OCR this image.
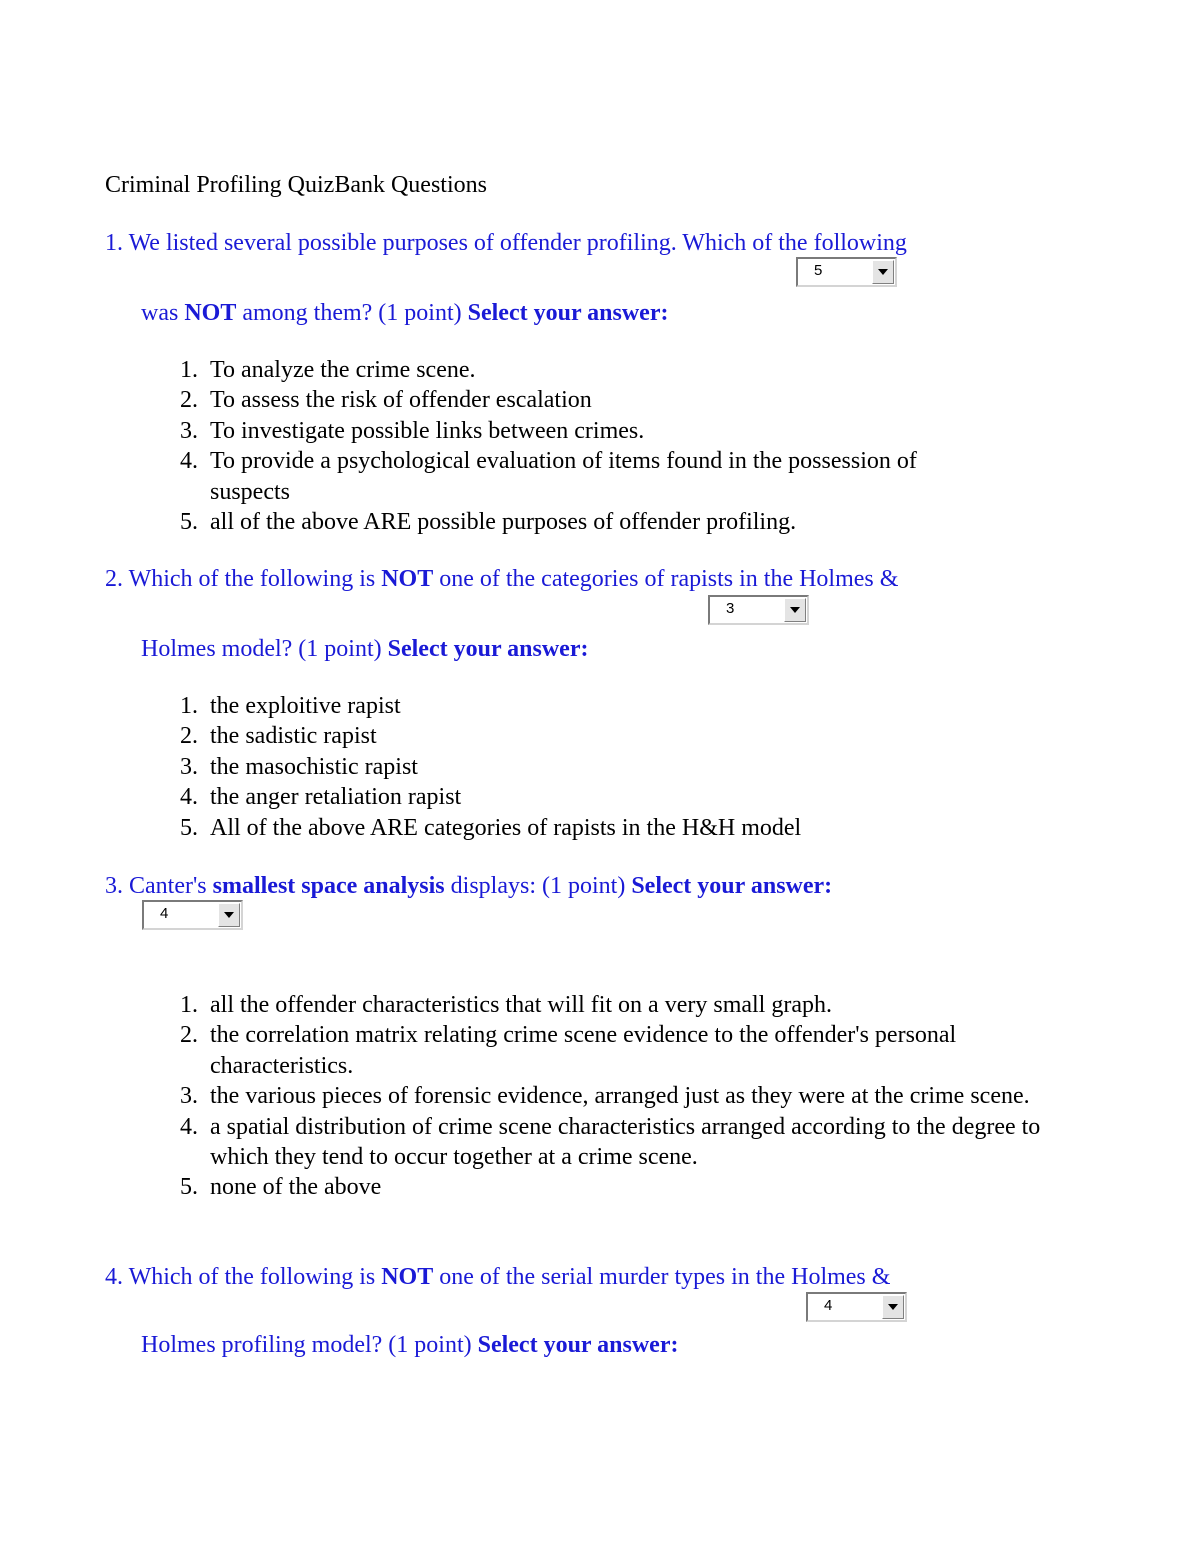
Criminal Profiling QuizBank Questions
1. We listed several possible purposes of offender profiling. Which of the following
5
was NOT among them? (1 point) Select your answer:
1. To analyze the crime scene.
2. To assess the risk of offender escalation
3. To investigate possible links between crimes.
4. To provide a psychological evaluation of items found in the possession of suspects
5. all of the above ARE possible purposes of offender profiling.
2. Which of the following is NOT one of the categories of rapists in the Holmes &
3
Holmes model? (1 point) Select your answer:
1. the exploitive rapist
2. the sadistic rapist
3. the masochistic rapist
4. the anger retaliation rapist
5. All of the above ARE categories of rapists in the H&H model
3. Canter's smallest space analysis displays: (1 point) Select your answer:
4
1. all the offender characteristics that will fit on a very small graph.
2. the correlation matrix relating crime scene evidence to the offender's personal characteristics.
3. the various pieces of forensic evidence, arranged just as they were at the crime scene.
4. a spatial distribution of crime scene characteristics arranged according to the degree to which they tend to occur together at a crime scene.
5. none of the above
4. Which of the following is NOT one of the serial murder types in the Holmes &
4
Holmes profiling model? (1 point) Select your answer:
